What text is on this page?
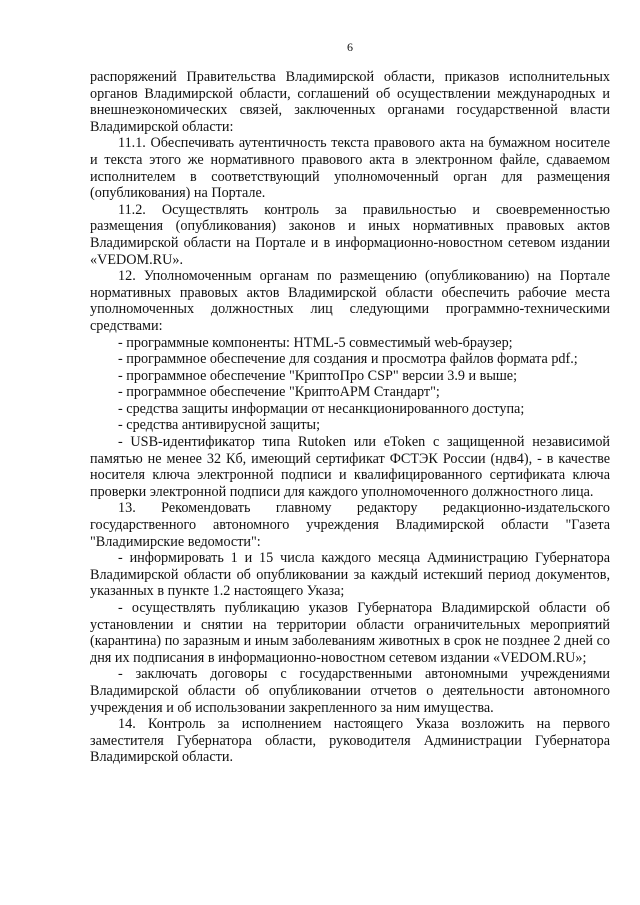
6

распоряжений Правительства Владимирской области, приказов исполнительных органов Владимирской области, соглашений об осуществлении международных и внешнеэкономических связей, заключенных органами государственной власти Владимирской области:

11.1. Обеспечивать аутентичность текста правового акта на бумажном носителе и текста этого же нормативного правового акта в электронном файле, сдаваемом исполнителем в соответствующий уполномоченный орган для размещения (опубликования) на Портале.

11.2. Осуществлять контроль за правильностью и своевременностью размещения (опубликования) законов и иных нормативных правовых актов Владимирской области на Портале и в информационно-новостном сетевом издании «VEDOM.RU».

12. Уполномоченным органам по размещению (опубликованию) на Портале нормативных правовых актов Владимирской области обеспечить рабочие места уполномоченных должностных лиц следующими программно-техническими средствами:

- программные компоненты: HTML-5 совместимый web-браузер;

- программное обеспечение для создания и просмотра файлов формата pdf.;

- программное обеспечение "КриптоПро CSP" версии 3.9 и выше;

- программное обеспечение "КриптоАРМ Стандарт";

- средства защиты информации от несанкционированного доступа;

- средства антивирусной защиты;

- USB-идентификатор типа Rutoken или eToken с защищенной независимой памятью не менее 32 Кб, имеющий сертификат ФСТЭК России (ндв4), - в качестве носителя ключа электронной подписи и квалифицированного сертификата ключа проверки электронной подписи для каждого уполномоченного должностного лица.

13. Рекомендовать главному редактору редакционно-издательского государственного автономного учреждения Владимирской области "Газета "Владимирские ведомости":

- информировать 1 и 15 числа каждого месяца Администрацию Губернатора Владимирской области об опубликовании за каждый истекший период документов, указанных в пункте 1.2 настоящего Указа;

- осуществлять публикацию указов Губернатора Владимирской области об установлении и снятии на территории области ограничительных мероприятий (карантина) по заразным и иным заболеваниям животных в срок не позднее 2 дней со дня их подписания в информационно-новостном сетевом издании «VEDOM.RU»;

- заключать договоры с государственными автономными учреждениями Владимирской области об опубликовании отчетов о деятельности автономного учреждения и об использовании закрепленного за ним имущества.

14. Контроль за исполнением настоящего Указа возложить на первого заместителя Губернатора области, руководителя Администрации Губернатора Владимирской области.
